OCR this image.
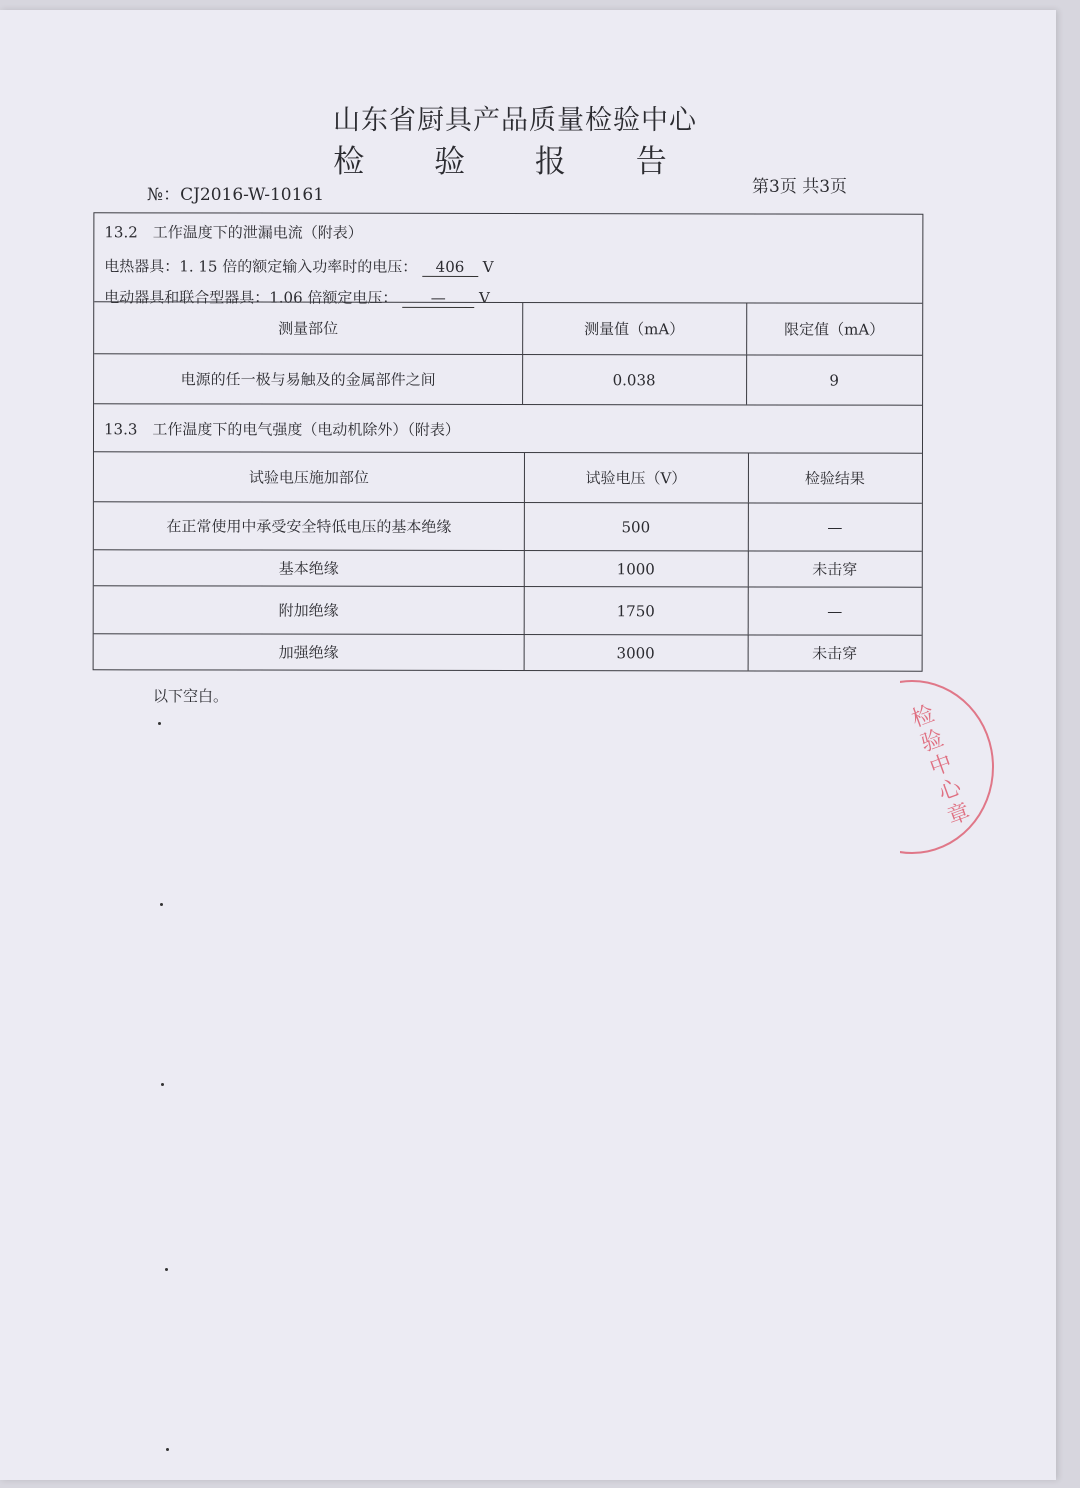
山东省厨具产品质量检验中心
检 验 报 告
№：CJ2016-W-10161	第3页 共3页
13.2　工作温度下的泄漏电流（附表）
电热器具：1. 15 倍的额定输入功率时的电压： 406 V
电动器具和联合型器具：1.06 倍额定电压： — V
测量部位	测量值（mA）	限定值（mA）
电源的任一极与易触及的金属部件之间	0.038	9
13.3　工作温度下的电气强度（电动机除外）（附表）
试验电压施加部位	试验电压（V）	检验结果
在正常使用中承受安全特低电压的基本绝缘	500	—
基本绝缘	1000	未击穿
附加绝缘	1750	—
加强绝缘	3000	未击穿
以下空白。
检验中心章
